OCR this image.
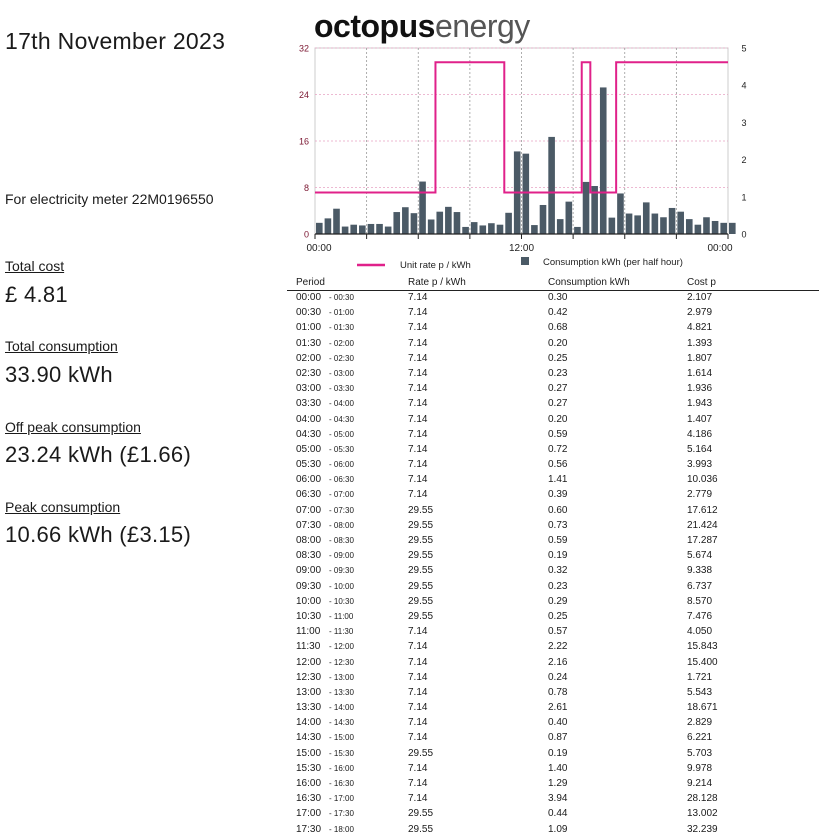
17th November 2023
For electricity meter 22M0196550
Total cost
£ 4.81
Total consumption
33.90 kWh
Off peak consumption
23.24 kWh (£1.66)
Peak consumption
10.66 kWh (£3.15)
octopusenergy
0
8
16
24
32
0
1
2
3
4
5
00:00	12:00	00:00
Unit rate p / kWh	Consumption kWh (per half hour)
Period	Rate p / kWh	Consumption kWh	Cost p
00:00 - 00:30	7.14	0.30	2.107
00:30 - 01:00	7.14	0.42	2.979
01:00 - 01:30	7.14	0.68	4.821
01:30 - 02:00	7.14	0.20	1.393
02:00 - 02:30	7.14	0.25	1.807
02:30 - 03:00	7.14	0.23	1.614
03:00 - 03:30	7.14	0.27	1.936
03:30 - 04:00	7.14	0.27	1.943
04:00 - 04:30	7.14	0.20	1.407
04:30 - 05:00	7.14	0.59	4.186
05:00 - 05:30	7.14	0.72	5.164
05:30 - 06:00	7.14	0.56	3.993
06:00 - 06:30	7.14	1.41	10.036
06:30 - 07:00	7.14	0.39	2.779
07:00 - 07:30	29.55	0.60	17.612
07:30 - 08:00	29.55	0.73	21.424
08:00 - 08:30	29.55	0.59	17.287
08:30 - 09:00	29.55	0.19	5.674
09:00 - 09:30	29.55	0.32	9.338
09:30 - 10:00	29.55	0.23	6.737
10:00 - 10:30	29.55	0.29	8.570
10:30 - 11:00	29.55	0.25	7.476
11:00 - 11:30	7.14	0.57	4.050
11:30 - 12:00	7.14	2.22	15.843
12:00 - 12:30	7.14	2.16	15.400
12:30 - 13:00	7.14	0.24	1.721
13:00 - 13:30	7.14	0.78	5.543
13:30 - 14:00	7.14	2.61	18.671
14:00 - 14:30	7.14	0.40	2.829
14:30 - 15:00	7.14	0.87	6.221
15:00 - 15:30	29.55	0.19	5.703
15:30 - 16:00	7.14	1.40	9.978
16:00 - 16:30	7.14	1.29	9.214
16:30 - 17:00	7.14	3.94	28.128
17:00 - 17:30	29.55	0.44	13.002
17:30 - 18:00	29.55	1.09	32.239
